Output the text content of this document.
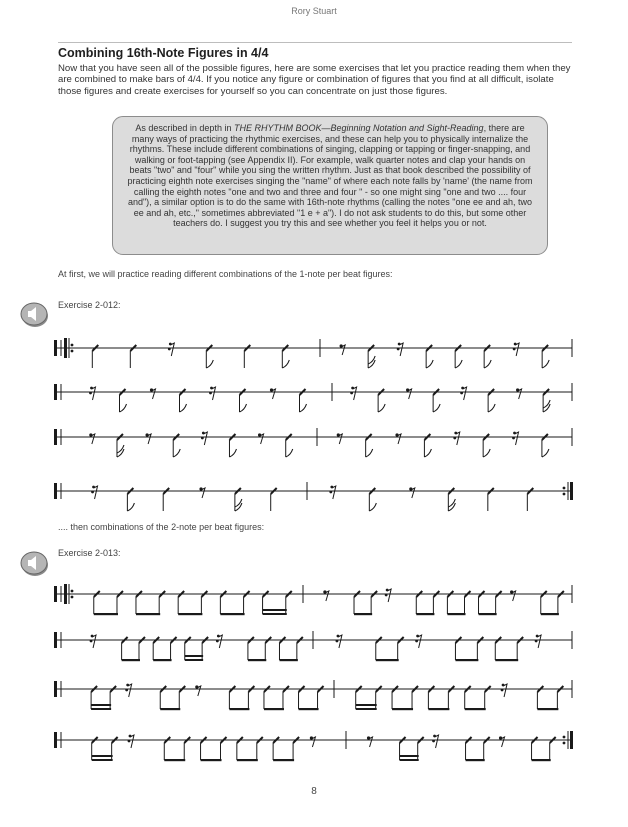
Rory Stuart
Combining 16th-Note Figures in 4/4
Now that you have seen all of the possible figures, here are some exercises that let you practice reading them when they are combined to make bars of 4/4. If you notice any figure or combination of figures that you find at all difficult, isolate those figures and create exercises for yourself so you can concentrate on just those figures.
As described in depth in THE RHYTHM BOOK—Beginning Notation and Sight-Reading, there are many ways of practicing the rhythmic exercises, and these can help you to physically internalize the rhythms. These include different combinations of singing, clapping or tapping or finger-snapping, and walking or foot-tapping (see Appendix II). For example, walk quarter notes and clap your hands on beats "two" and "four" while you sing the written rhythm. Just as that book described the possibility of practicing eighth note exercises singing the "name" of where each note falls by 'name' (the name from calling the eighth notes "one and two and three and four " - so one might sing "one and two .... four and"), a similar option is to do the same with 16th-note rhythms (calling the notes "one ee and ah, two ee and ah, etc.," sometimes abbreviated "1 e + a"). I do not ask students to do this, but some other teachers do. I suggest you try this and see whether you feel it helps you or not.
At first, we will practice reading different combinations of the 1-note per beat figures:
Exercise 2-012:
.... then combinations of the 2-note per beat figures:
Exercise 2-013:
8
